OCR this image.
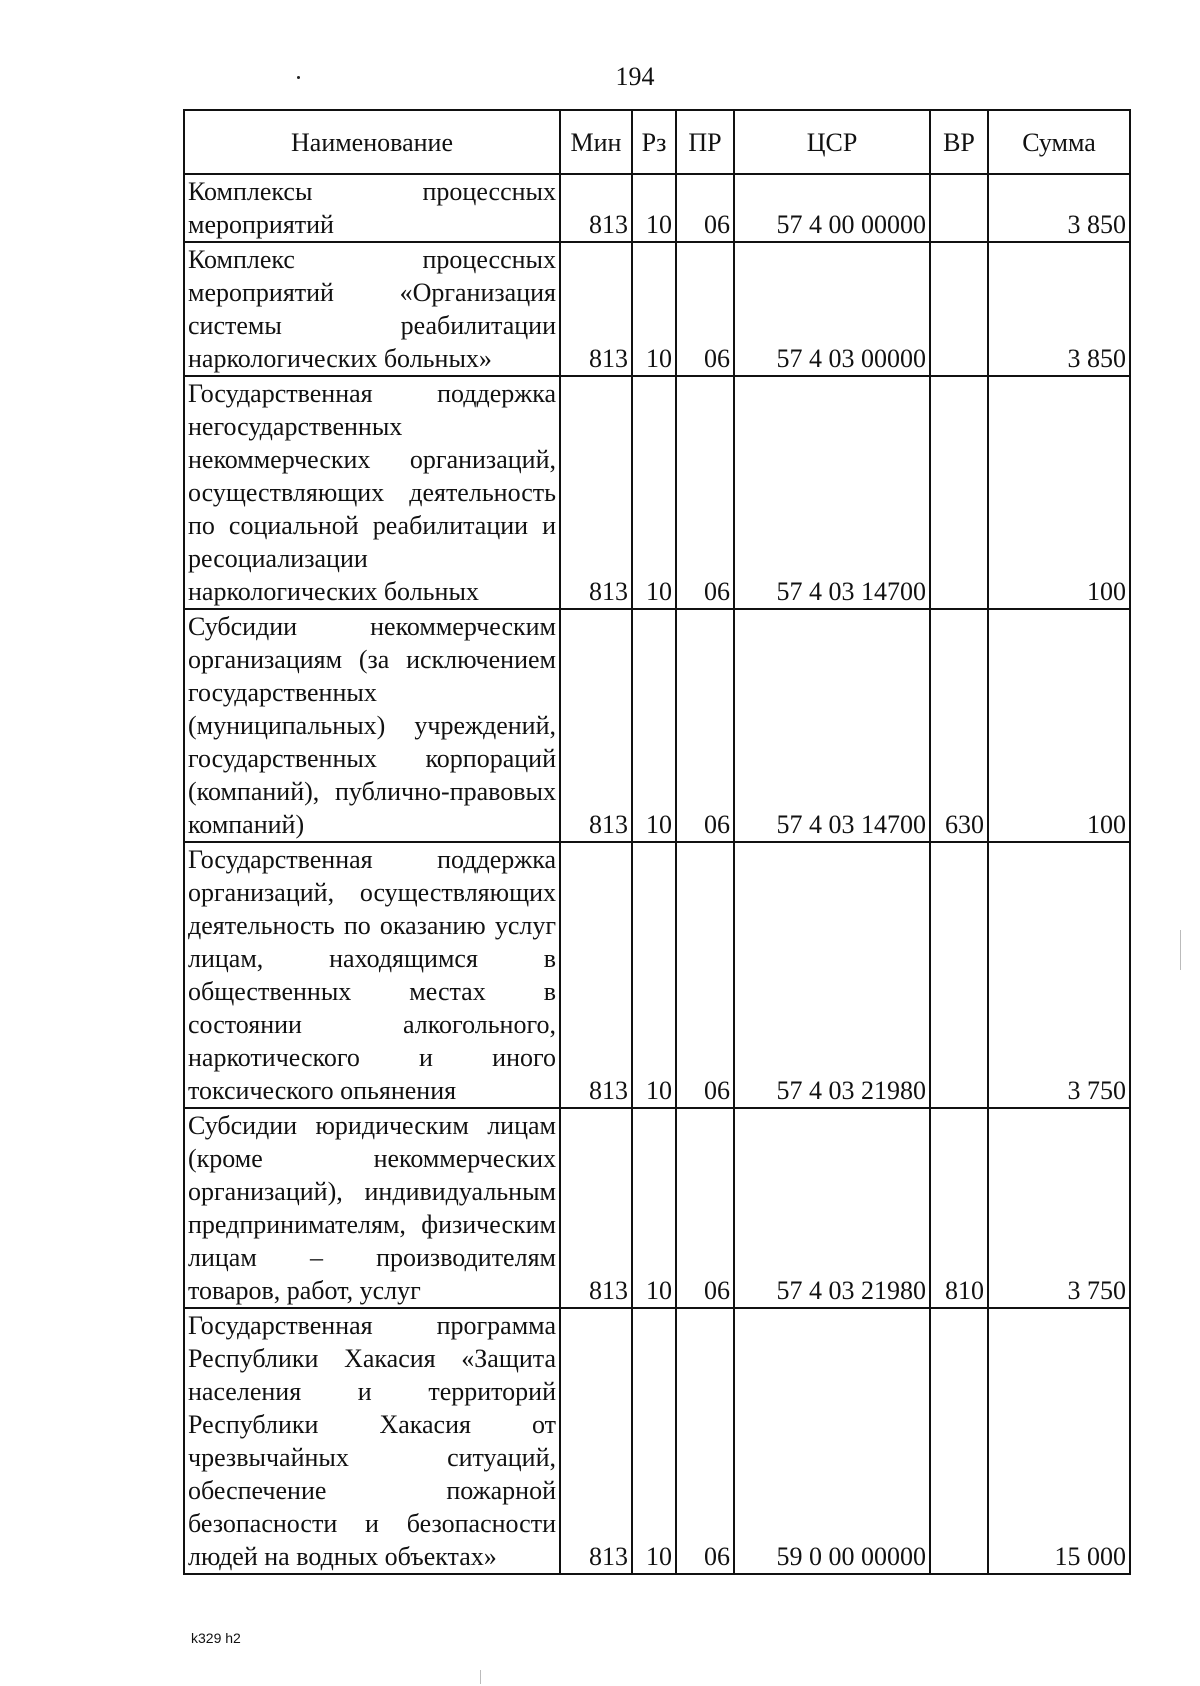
194
Наименование	Мин	Рз	ПР	ЦСР	ВР	Сумма
Комплексы процессных мероприятий	813	10	06	57 4 00 00000		3 850
Комплекс процессных мероприятий «Организация системы реабилитации наркологических больных»	813	10	06	57 4 03 00000		3 850
Государственная поддержка негосударственных некоммерческих организаций, осуществляющих деятельность по социальной реабилитации и ресоциализации наркологических больных	813	10	06	57 4 03 14700		100
Субсидии некоммерческим организациям (за исключением государственных (муниципальных) учреждений, государственных корпораций (компаний), публично-правовых компаний)	813	10	06	57 4 03 14700	630	100
Государственная поддержка организаций, осуществляющих деятельность по оказанию услуг лицам, находящимся в общественных местах в состоянии алкогольного, наркотического и иного токсического опьянения	813	10	06	57 4 03 21980		3 750
Субсидии юридическим лицам (кроме некоммерческих организаций), индивидуальным предпринимателям, физическим лицам – производителям товаров, работ, услуг	813	10	06	57 4 03 21980	810	3 750
Государственная программа Республики Хакасия «Защита населения и территорий Республики Хакасия от чрезвычайных ситуаций, обеспечение пожарной безопасности и безопасности людей на водных объектах»	813	10	06	59 0 00 00000		15 000
k329 h2
